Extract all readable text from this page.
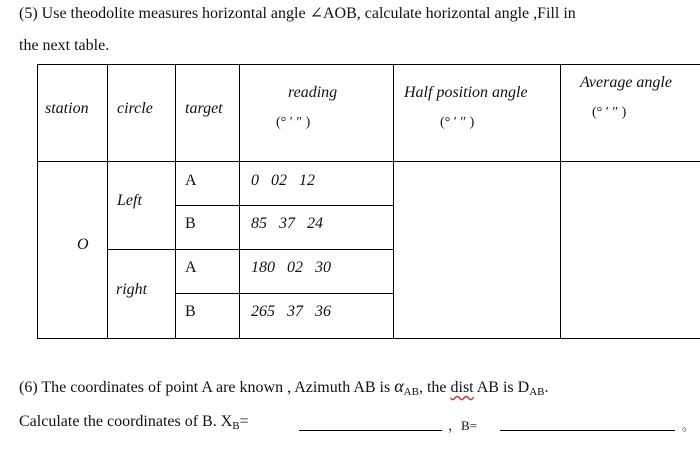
(5) Use theodolite measures horizontal angle ∠AOB, calculate horizontal angle ,Fill in
the next table.
station circle target
reading
(° ′ ″ )
Half position angle
(° ′ ″ )
Average angle
(° ′ ″ )
O
Left
right
A
B
A
B
0   02   12
85   37   24
180   02   30
265   37   36
(6) The coordinates of point A are known , Azimuth AB is $\alpha_{AB}$, the dist AB is $D_{AB}$.
Calculate the coordinates of B. $X_B=$	，B=	。
